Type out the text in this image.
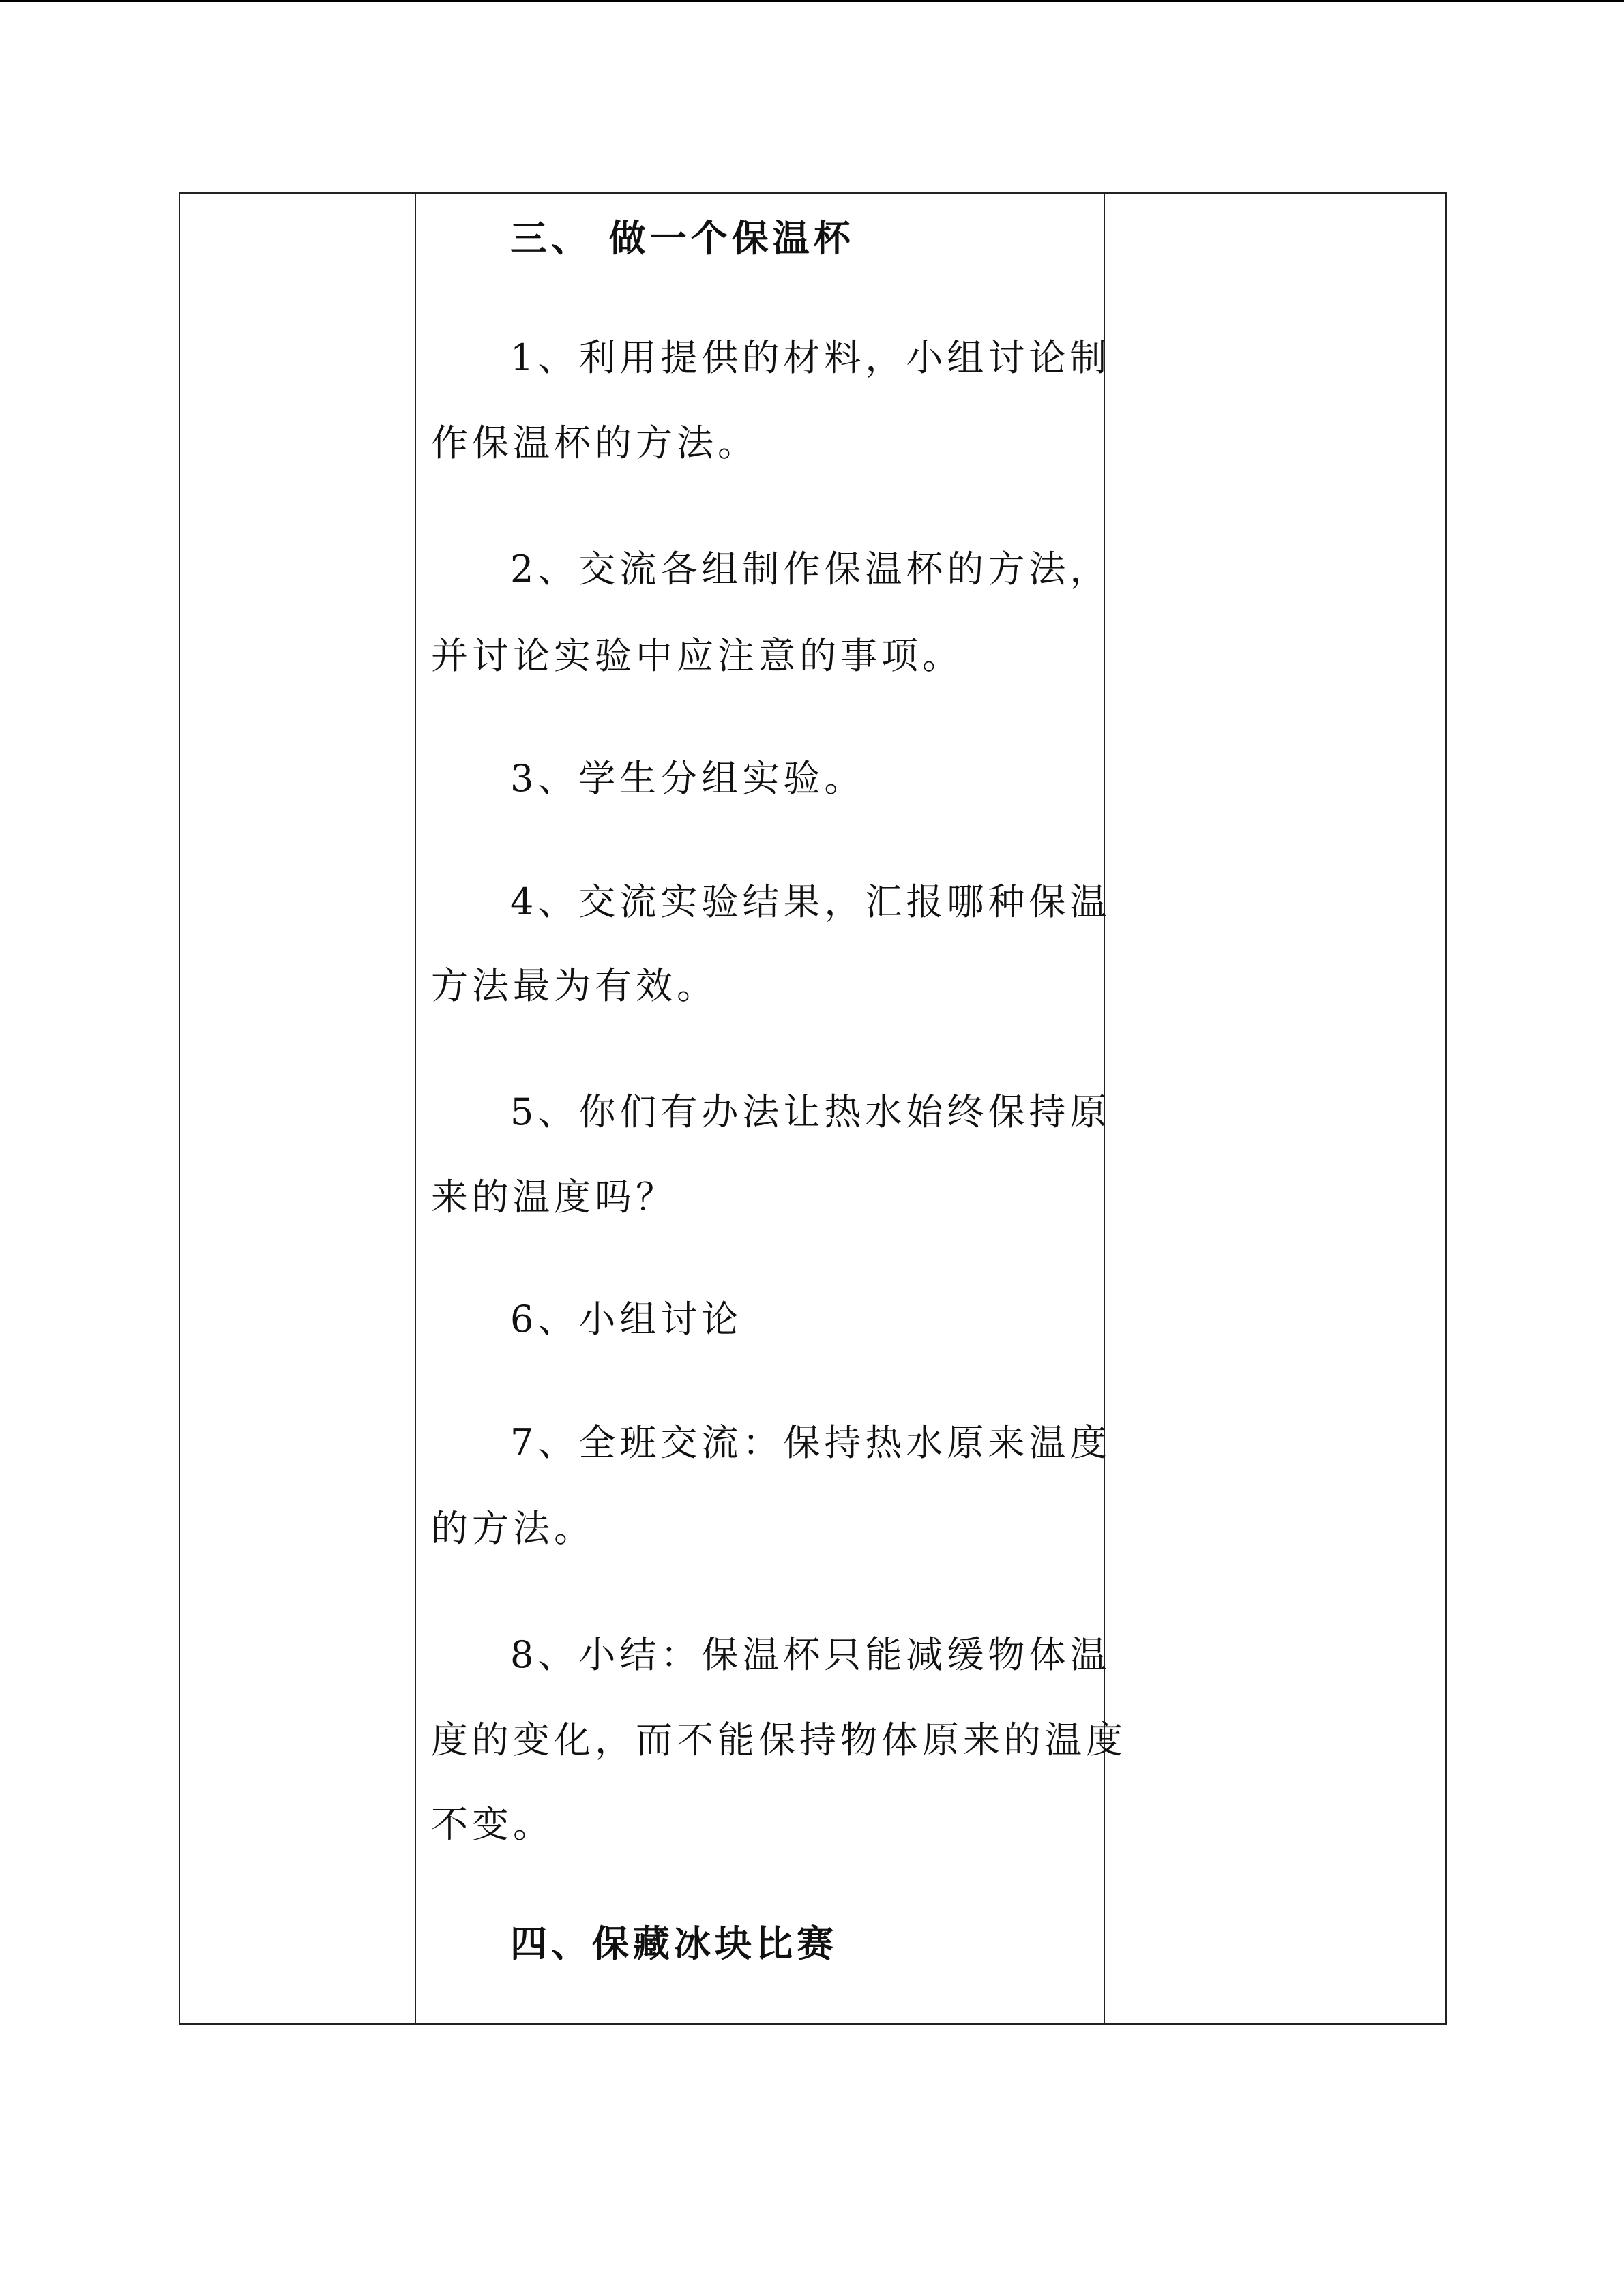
三、 做一个保温杯
1、利用提供的材料，小组讨论制
作保温杯的方法。
2、交流各组制作保温杯的方法，
并讨论实验中应注意的事项。
3、学生分组实验。
4、交流实验结果，汇报哪种保温
方法最为有效。
5、你们有办法让热水始终保持原
来的温度吗？
6、小组讨论
7、全班交流：保持热水原来温度
的方法。
8、小结：保温杯只能减缓物体温
度的变化，而不能保持物体原来的温度
不变。
四、保藏冰块比赛
